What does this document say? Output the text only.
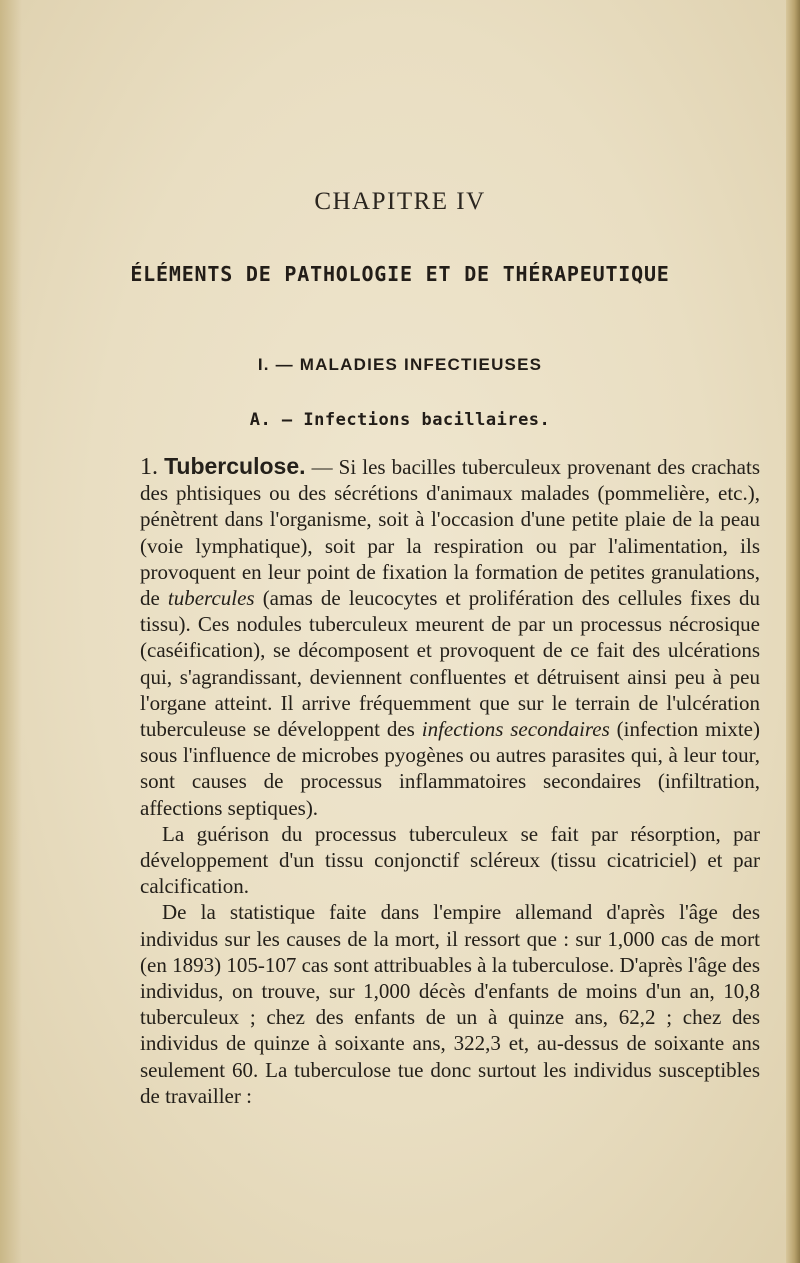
CHAPITRE IV
ÉLÉMENTS DE PATHOLOGIE ET DE THÉRAPEUTIQUE
I. — MALADIES INFECTIEUSES
A. — Infections bacillaires.

1. Tuberculose. — Si les bacilles tuberculeux provenant des crachats des phtisiques ou des sécrétions d'animaux malades (pommelière, etc.), pénètrent dans l'organisme, soit à l'occasion d'une petite plaie de la peau (voie lymphatique), soit par la respiration ou par l'alimentation, ils provoquent en leur point de fixation la formation de petites granulations, de tubercules (amas de leucocytes et prolifération des cellules fixes du tissu). Ces nodules tuberculeux meurent de par un processus nécrosique (caséification), se décomposent et provoquent de ce fait des ulcérations qui, s'agrandissant, deviennent confluentes et détruisent ainsi peu à peu l'organe atteint. Il arrive fréquemment que sur le terrain de l'ulcération tuberculeuse se développent des infections secondaires (infection mixte) sous l'influence de microbes pyogènes ou autres parasites qui, à leur tour, sont causes de processus inflammatoires secondaires (infiltration, affections septiques).

La guérison du processus tuberculeux se fait par résorption, par développement d'un tissu conjonctif scléreux (tissu cicatriciel) et par calcification.

De la statistique faite dans l'empire allemand d'après l'âge des individus sur les causes de la mort, il ressort que : sur 1,000 cas de mort (en 1893) 105-107 cas sont attribuables à la tuberculose. D'après l'âge des individus, on trouve, sur 1,000 décès d'enfants de moins d'un an, 10,8 tuberculeux ; chez des enfants de un à quinze ans, 62,2 ; chez des individus de quinze à soixante ans, 322,3 et, au-dessus de soixante ans seulement 60. La tuberculose tue donc surtout les individus susceptibles de travailler :
